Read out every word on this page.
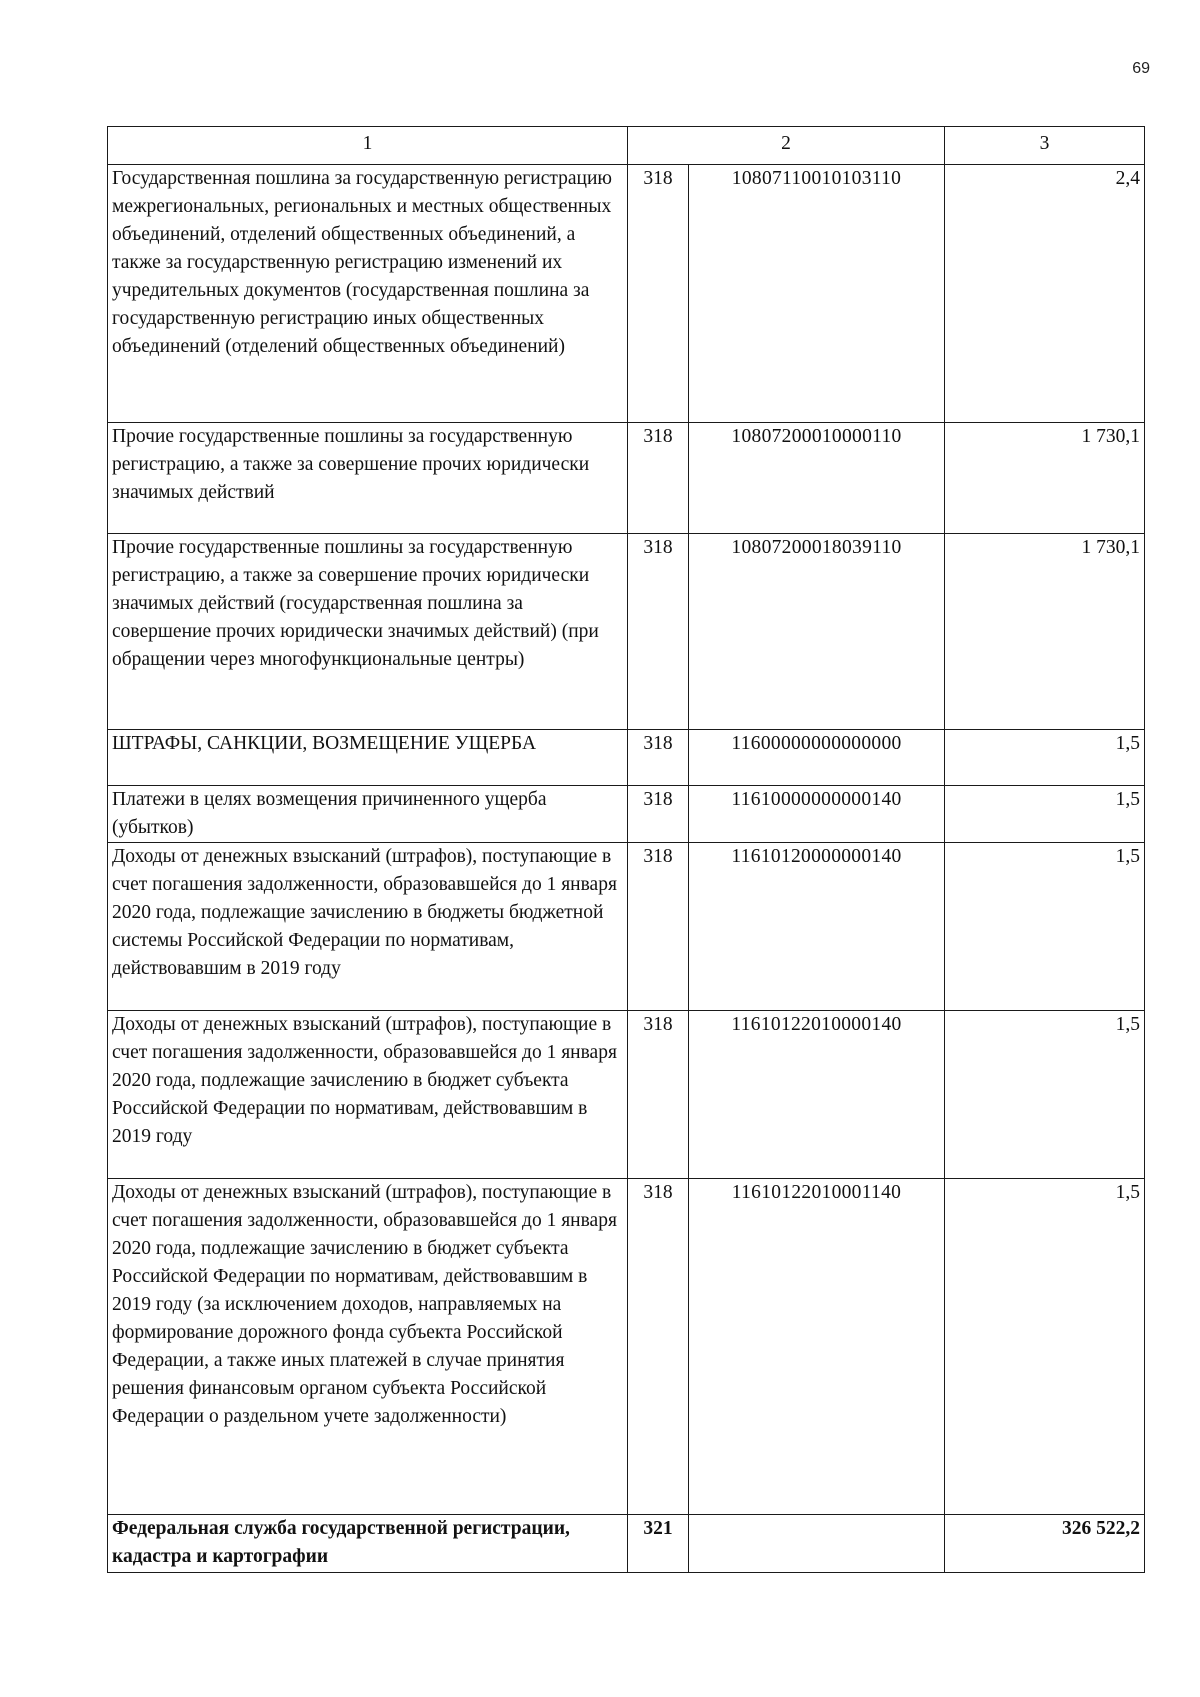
69
1	2		3
Государственная пошлина за государственную регистрацию межрегиональных, региональных и местных общественных объединений, отделений общественных объединений, а также за государственную регистрацию изменений их учредительных документов (государственная пошлина за государственную регистрацию иных общественных объединений (отделений общественных объединений)	318	10807110010103110	2,4
Прочие государственные пошлины за государственную регистрацию, а также за совершение прочих юридически значимых действий	318	10807200010000110	1 730,1
Прочие государственные пошлины за государственную регистрацию, а также за совершение прочих юридически значимых действий (государственная пошлина за совершение прочих юридически значимых действий) (при обращении через многофункциональные центры)	318	10807200018039110	1 730,1
ШТРАФЫ, САНКЦИИ, ВОЗМЕЩЕНИЕ УЩЕРБА	318	11600000000000000	1,5
Платежи в целях возмещения причиненного ущерба (убытков)	318	11610000000000140	1,5
Доходы от денежных взысканий (штрафов), поступающие в счет погашения задолженности, образовавшейся до 1 января 2020 года, подлежащие зачислению в бюджеты бюджетной системы Российской Федерации по нормативам, действовавшим в 2019 году	318	11610120000000140	1,5
Доходы от денежных взысканий (штрафов), поступающие в счет погашения задолженности, образовавшейся до 1 января 2020 года, подлежащие зачислению в бюджет субъекта Российской Федерации по нормативам, действовавшим в 2019 году	318	11610122010000140	1,5
Доходы от денежных взысканий (штрафов), поступающие в счет погашения задолженности, образовавшейся до 1 января 2020 года, подлежащие зачислению в бюджет субъекта Российской Федерации по нормативам, действовавшим в 2019 году (за исключением доходов, направляемых на формирование дорожного фонда субъекта Российской Федерации, а также иных платежей в случае принятия решения финансовым органом субъекта Российской Федерации о раздельном учете задолженности)	318	11610122010001140	1,5
Федеральная служба государственной регистрации, кадастра и картографии	321		326 522,2
